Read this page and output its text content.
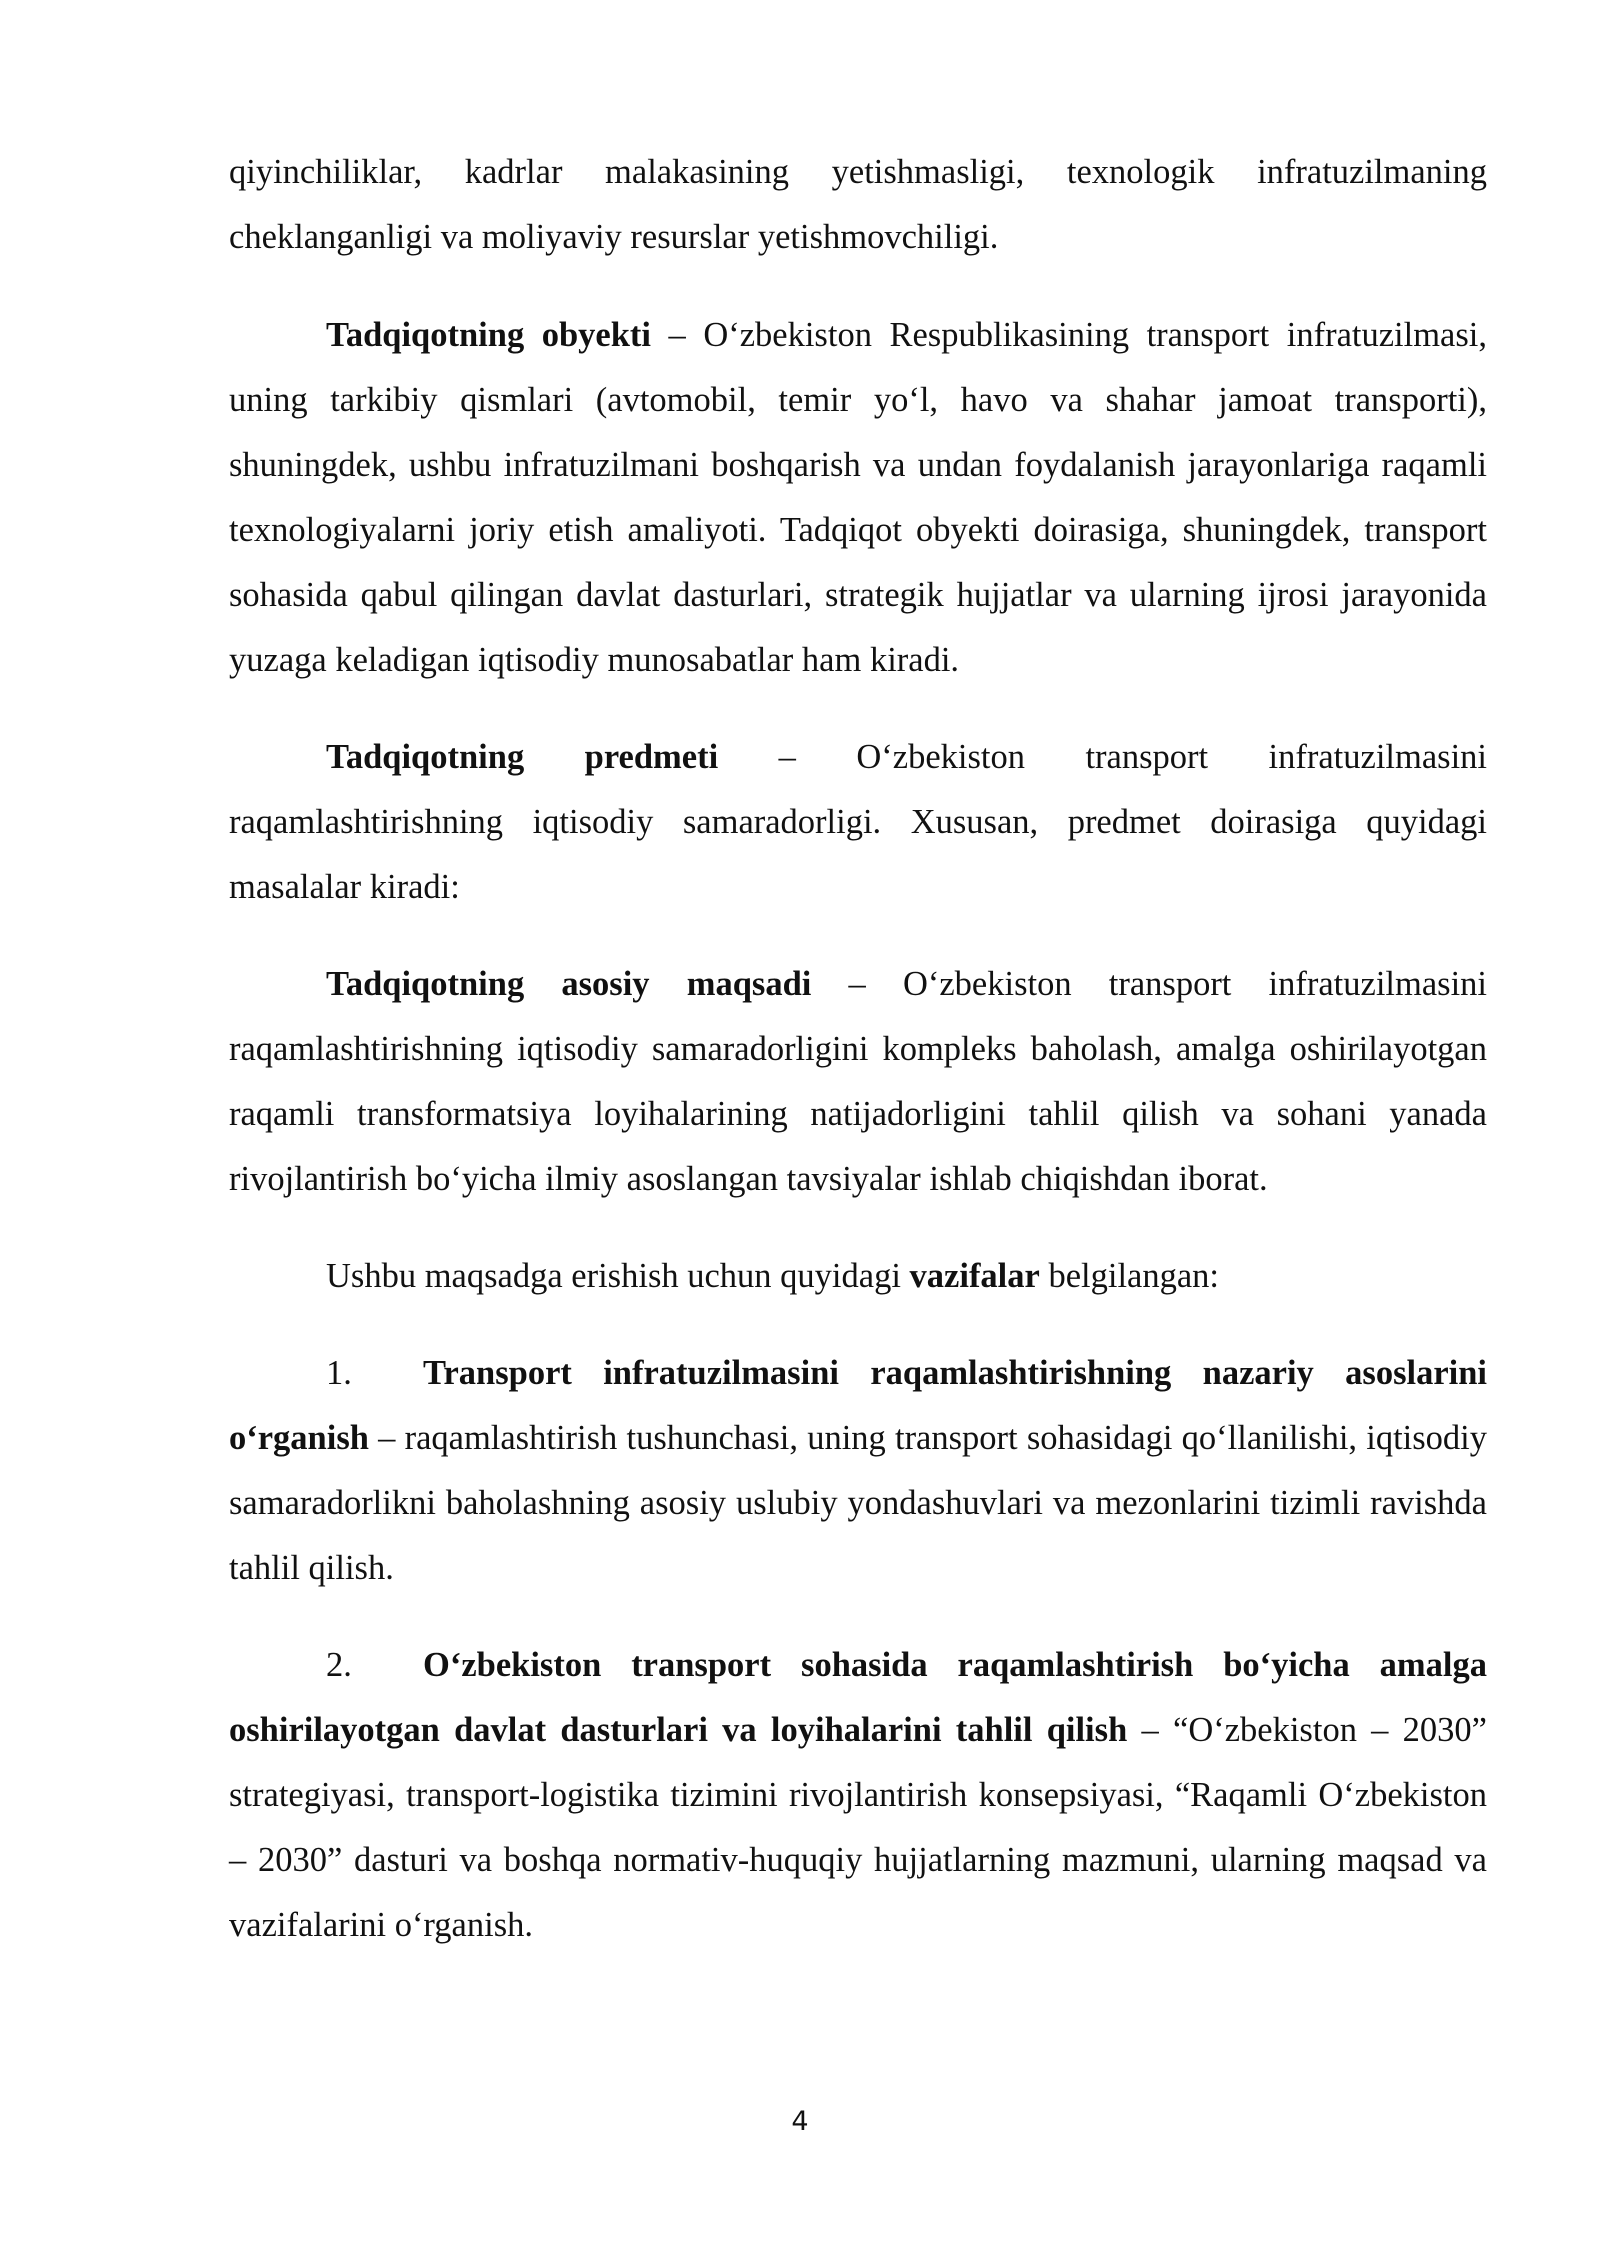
qiyinchiliklar, kadrlar malakasining yetishmasligi, texnologik infratuzilmaning cheklanganligi va moliyaviy resurslar yetishmovchiligi.

Tadqiqotning obyekti – O‘zbekiston Respublikasining transport infratuzilmasi, uning tarkibiy qismlari (avtomobil, temir yo‘l, havo va shahar jamoat transporti), shuningdek, ushbu infratuzilmani boshqarish va undan foydalanish jarayonlariga raqamli texnologiyalarni joriy etish amaliyoti. Tadqiqot obyekti doirasiga, shuningdek, transport sohasida qabul qilingan davlat dasturlari, strategik hujjatlar va ularning ijrosi jarayonida yuzaga keladigan iqtisodiy munosabatlar ham kiradi.

Tadqiqotning predmeti – O‘zbekiston transport infratuzilmasini raqamlashtirishning iqtisodiy samaradorligi. Xususan, predmet doirasiga quyidagi masalalar kiradi:

Tadqiqotning asosiy maqsadi – O‘zbekiston transport infratuzilmasini raqamlashtirishning iqtisodiy samaradorligini kompleks baholash, amalga oshirilayotgan raqamli transformatsiya loyihalarining natijadorligini tahlil qilish va sohani yanada rivojlantirish bo‘yicha ilmiy asoslangan tavsiyalar ishlab chiqishdan iborat.

Ushbu maqsadga erishish uchun quyidagi vazifalar belgilangan:

1. Transport infratuzilmasini raqamlashtirishning nazariy asoslarini o‘rganish – raqamlashtirish tushunchasi, uning transport sohasidagi qo‘llanilishi, iqtisodiy samaradorlikni baholashning asosiy uslubiy yondashuvlari va mezonlarini tizimli ravishda tahlil qilish.

2. O‘zbekiston transport sohasida raqamlashtirish bo‘yicha amalga oshirilayotgan davlat dasturlari va loyihalarini tahlil qilish – “O‘zbekiston – 2030” strategiyasi, transport-logistika tizimini rivojlantirish konsepsiyasi, “Raqamli O‘zbekiston – 2030” dasturi va boshqa normativ-huquqiy hujjatlarning mazmuni, ularning maqsad va vazifalarini o‘rganish.

4
